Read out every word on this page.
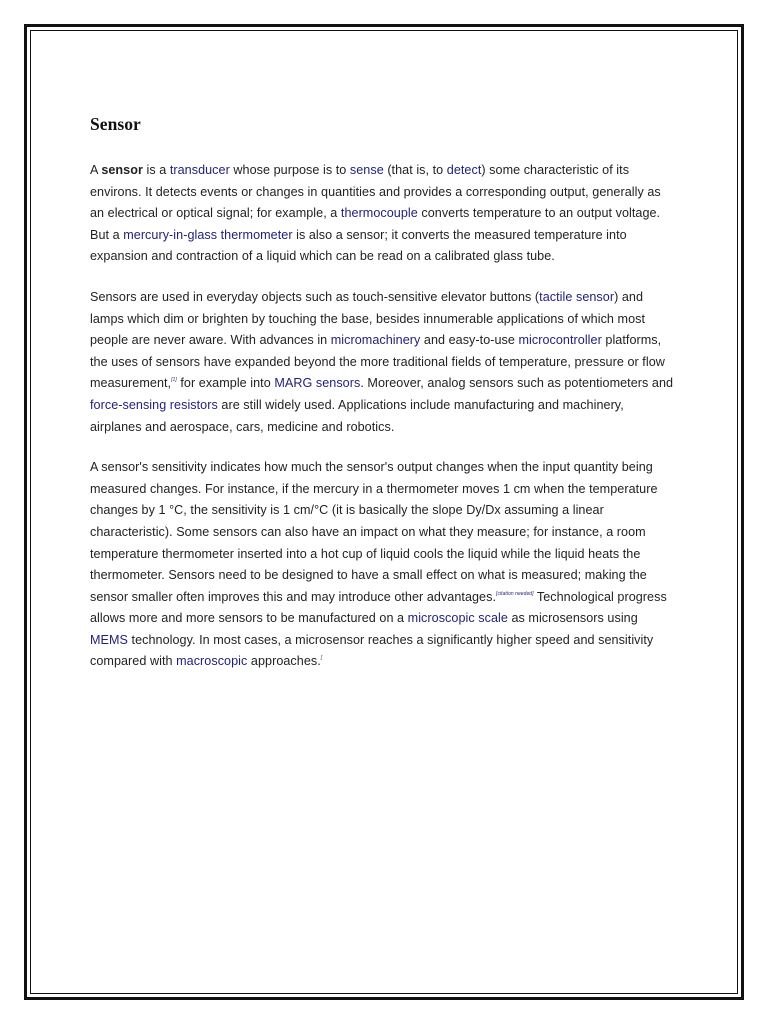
Sensor

A sensor is a transducer whose purpose is to sense (that is, to detect) some characteristic of its environs. It detects events or changes in quantities and provides a corresponding output, generally as an electrical or optical signal; for example, a thermocouple converts temperature to an output voltage. But a mercury-in-glass thermometer is also a sensor; it converts the measured temperature into expansion and contraction of a liquid which can be read on a calibrated glass tube.

Sensors are used in everyday objects such as touch-sensitive elevator buttons (tactile sensor) and lamps which dim or brighten by touching the base, besides innumerable applications of which most people are never aware. With advances in micromachinery and easy-to-use microcontroller platforms, the uses of sensors have expanded beyond the more traditional fields of temperature, pressure or flow measurement,[1] for example into MARG sensors. Moreover, analog sensors such as potentiometers and force-sensing resistors are still widely used. Applications include manufacturing and machinery, airplanes and aerospace, cars, medicine and robotics.

A sensor's sensitivity indicates how much the sensor's output changes when the input quantity being measured changes. For instance, if the mercury in a thermometer moves 1 cm when the temperature changes by 1 °C, the sensitivity is 1 cm/°C (it is basically the slope Dy/Dx assuming a linear characteristic). Some sensors can also have an impact on what they measure; for instance, a room temperature thermometer inserted into a hot cup of liquid cools the liquid while the liquid heats the thermometer. Sensors need to be designed to have a small effect on what is measured; making the sensor smaller often improves this and may introduce other advantages.[citation needed] Technological progress allows more and more sensors to be manufactured on a microscopic scale as microsensors using MEMS technology. In most cases, a microsensor reaches a significantly higher speed and sensitivity compared with macroscopic approaches.[
